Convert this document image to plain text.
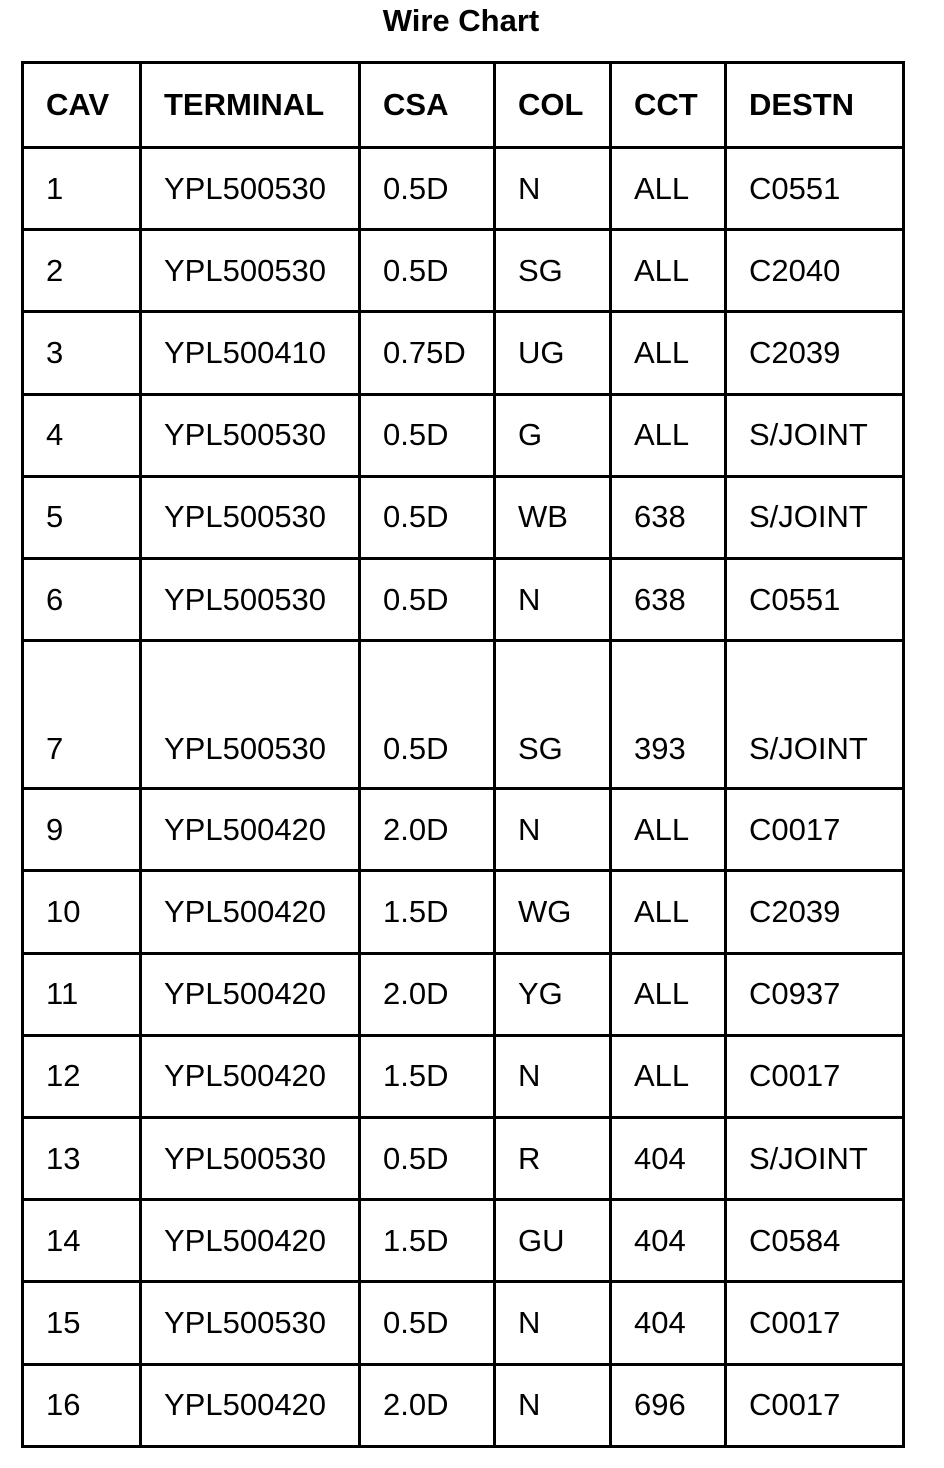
Wire Chart
CAV	TERMINAL	CSA	COL	CCT	DESTN
1	YPL500530	0.5D	N	ALL	C0551
2	YPL500530	0.5D	SG	ALL	C2040
3	YPL500410	0.75D	UG	ALL	C2039
4	YPL500530	0.5D	G	ALL	S/JOINT
5	YPL500530	0.5D	WB	638	S/JOINT
6	YPL500530	0.5D	N	638	C0551
7	YPL500530	0.5D	SG	393	S/JOINT
9	YPL500420	2.0D	N	ALL	C0017
10	YPL500420	1.5D	WG	ALL	C2039
11	YPL500420	2.0D	YG	ALL	C0937
12	YPL500420	1.5D	N	ALL	C0017
13	YPL500530	0.5D	R	404	S/JOINT
14	YPL500420	1.5D	GU	404	C0584
15	YPL500530	0.5D	N	404	C0017
16	YPL500420	2.0D	N	696	C0017
